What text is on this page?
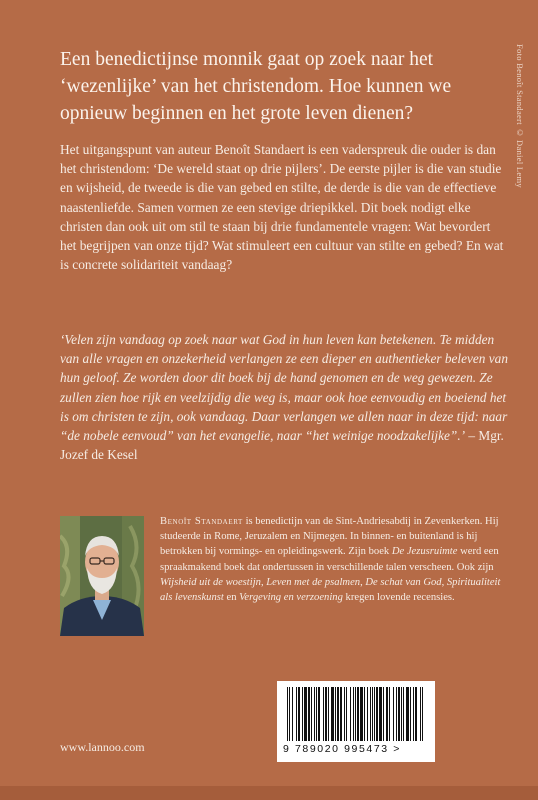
Foto Benoît Standaert © Daniel Lemy

Een benedictijnse monnik gaat op zoek naar het ‘wezenlijke’ van het christendom. Hoe kunnen we opnieuw beginnen en het grote leven dienen?

Het uitgangspunt van auteur Benoît Standaert is een vaderspreuk die ouder is dan het christendom: ‘De wereld staat op drie pijlers’. De eerste pijler is die van studie en wijsheid, de tweede is die van gebed en stilte, de derde is die van de effectieve naastenliefde. Samen vormen ze een stevige driepikkel. Dit boek nodigt elke christen dan ook uit om stil te staan bij drie fundamentele vragen: Wat bevordert het begrijpen van onze tijd? Wat stimuleert een cultuur van stilte en gebed? En wat is concrete solidariteit vandaag?

‘Velen zijn vandaag op zoek naar wat God in hun leven kan betekenen. Te midden van alle vragen en onzekerheid verlangen ze een dieper en authentieker beleven van hun geloof. Ze worden door dit boek bij de hand genomen en de weg gewezen. Ze zullen zien hoe rijk en veelzijdig die weg is, maar ook hoe eenvoudig en boeiend het is om christen te zijn, ook vandaag. Daar verlangen we allen naar in deze tijd: naar “de nobele eenvoud” van het evangelie, naar “het weinige noodzakelijke”.’ – Mgr. Jozef de Kesel

Benoît Standaert is benedictijn van de Sint-Andriesabdij in Zevenkerken. Hij studeerde in Rome, Jeruzalem en Nijmegen. In binnen- en buitenland is hij betrokken bij vormings- en opleidingswerk. Zijn boek De Jezusruimte werd een spraakmakend boek dat ondertussen in verschillende talen verscheen. Ook zijn Wijsheid uit de woestijn, Leven met de psalmen, De schat van God, Spiritualiteit als levenskunst en Vergeving en verzoening kregen lovende recensies.

www.lannoo.com	9 789020 995473 >
